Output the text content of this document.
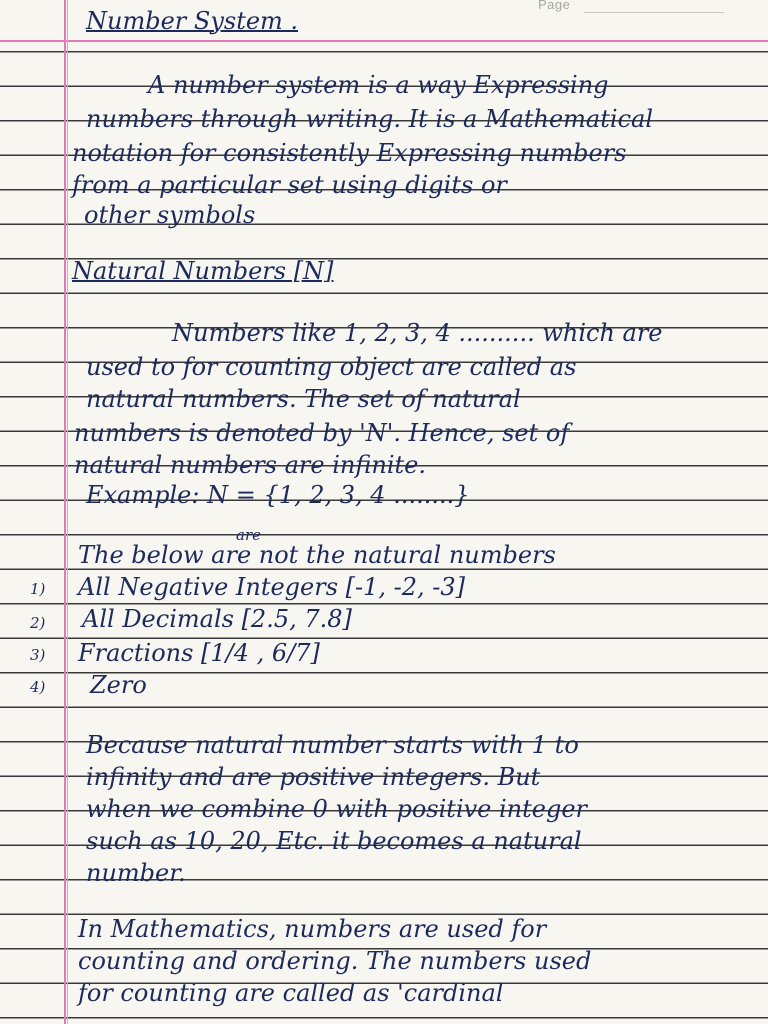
Page
Number System .
A number system is a way Expressing
numbers through writing. It is a Mathematical
notation for consistently Expressing numbers
from a particular set using digits or
other symbols
Natural Numbers [N]
Numbers like 1, 2, 3, 4 .......... which are
used to for counting object are called as
natural numbers. The set of natural
numbers is denoted by 'N'. Hence, set of
natural numbers are infinite.
Example: N = {1, 2, 3, 4 ........}
are
The below are not the natural numbers
1) All Negative Integers [-1, -2, -3]
2) All Decimals [2.5, 7.8]
3) Fractions [1/4 , 6/7]
4) Zero
Because natural number starts with 1 to
infinity and are positive integers. But
when we combine 0 with positive integer
such as 10, 20, Etc. it becomes a natural
number.
In Mathematics, numbers are used for
counting and ordering. The numbers used
for counting are called as 'cardinal
